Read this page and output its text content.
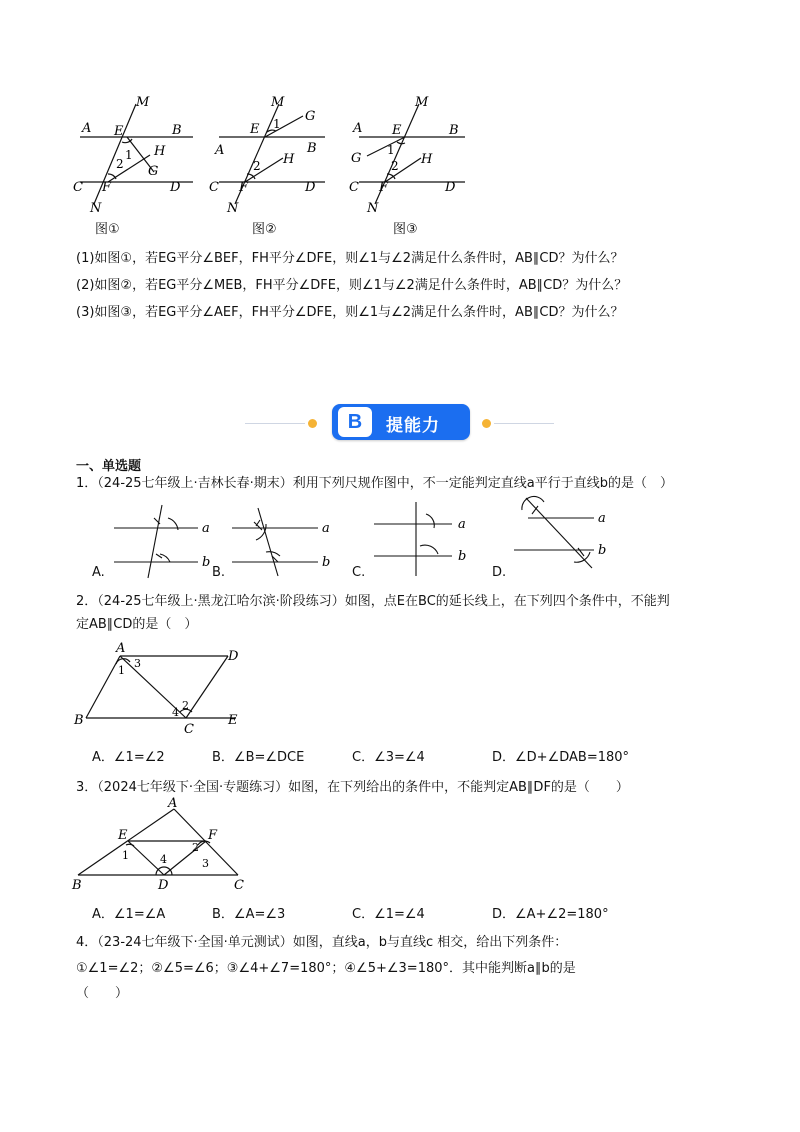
M
A E	B
1 H
2 G
C F	D
N
图①
M
G
E 1
A	B
2 H
C F	D
N
图②
M
A E	B
G
1
2 H
C F	D
N
图③
(1)如图①，若EG平分∠BEF，FH平分∠DFE，则∠1与∠2满足什么条件时，AB∥CD？为什么？
(2)如图②，若EG平分∠MEB，FH平分∠DFE，则∠1与∠2满足什么条件时，AB∥CD？为什么？
(3)如图③，若EG平分∠AEF，FH平分∠DFE，则∠1与∠2满足什么条件时，AB∥CD？为什么？
B	提能力
一、单选题
1．（24-25七年级上·吉林长春·期末）利用下列尺规作图中，不一定能判定直线a平行于直线b的是（　）
a
b
A.
a
b
B.
a
b
C.
a
b
D.
2．（24-25七年级上·黑龙江哈尔滨·阶段练习）如图，点E在BC的延长线上，在下列四个条件中，不能判
定AB∥CD的是（　）
A
D
1
3
2
4
B
C
E
A．∠1=∠2	B．∠B=∠DCE	C．∠3=∠4	D．∠D+∠DAB=180°
3．（2024七年级下·全国·专题练习）如图，在下列给出的条件中，不能判定AB∥DF的是（　　）
A
E	F
1
2
3
4
B	D	C
A．∠1=∠A	B．∠A=∠3	C．∠1=∠4	D．∠A+∠2=180°
4．（23-24七年级下·全国·单元测试）如图，直线a，b与直线c 相交，给出下列条件：
①∠1=∠2；②∠5=∠6；③∠4+∠7=180°；④∠5+∠3=180°．其中能判断a∥b的是
（　　）
